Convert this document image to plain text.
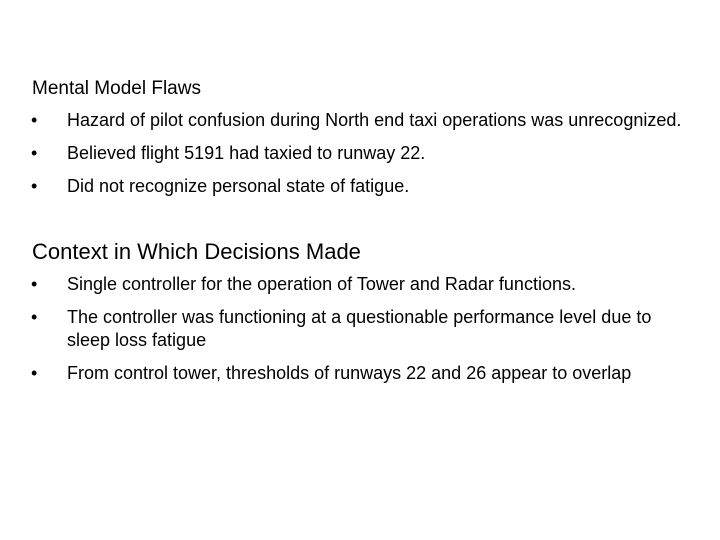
Mental Model Flaws
• Hazard of pilot confusion during North end taxi operations was unrecognized.
• Believed flight 5191 had taxied to runway 22.
• Did not recognize personal state of fatigue.
Context in Which Decisions Made
• Single controller for the operation of Tower and Radar functions.
• The controller was functioning at a questionable performance level due to sleep loss fatigue
• From control tower, thresholds of runways 22 and 26 appear to overlap
